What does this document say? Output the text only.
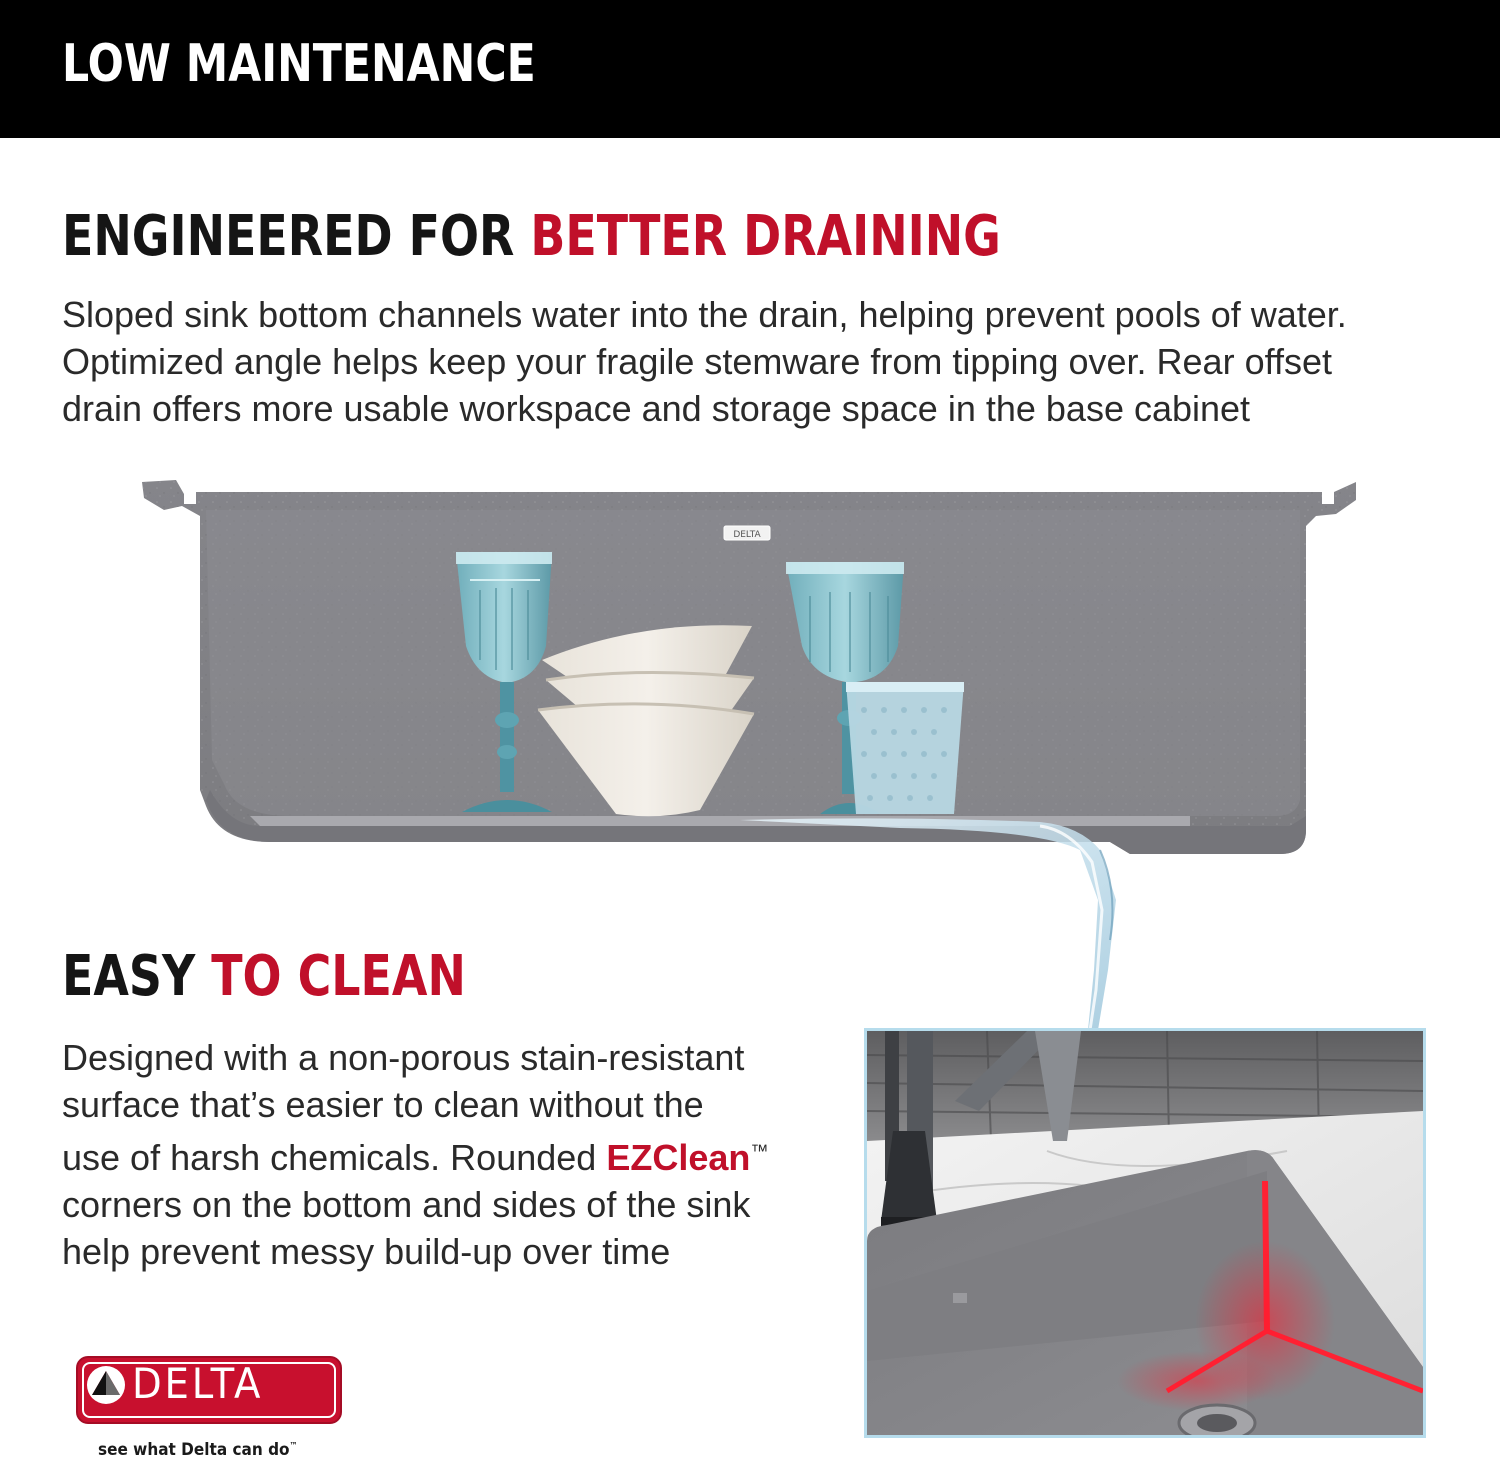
LOW MAINTENANCE
ENGINEERED FOR BETTER DRAINING
Sloped sink bottom channels water into the drain, helping prevent pools of water.
Optimized angle helps keep your fragile stemware from tipping over. Rear offset
drain offers more usable workspace and storage space in the base cabinet
DELTA
EASY TO CLEAN
Designed with a non-porous stain-resistant
surface that’s easier to clean without the
use of harsh chemicals. Rounded EZClean™
corners on the bottom and sides of the sink
help prevent messy build-up over time
DELTA
see what Delta can do™
